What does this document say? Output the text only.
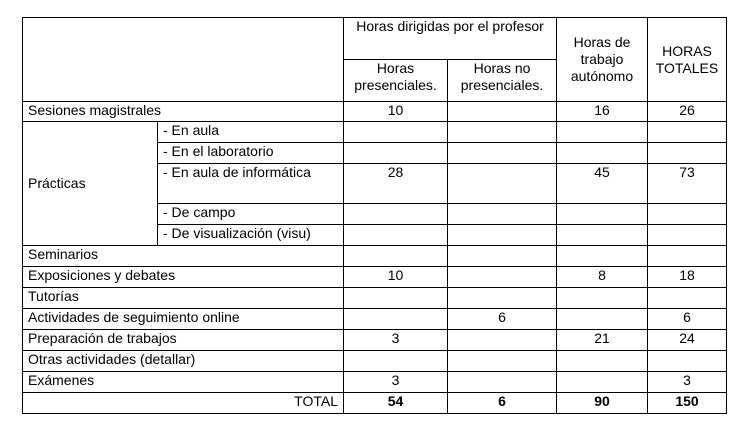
		Horas dirigidas por el profesor		Horas de trabajo autónomo	HORAS TOTALES
		Horas presenciales.	Horas no presenciales.		
Sesiones magistrales		10		16	26
Prácticas	- En aula				
	- En el laboratorio				
	- En aula de informática	28		45	73
	- De campo				
	- De visualización (visu)				
Seminarios					
Exposiciones y debates		10		8	18
Tutorías					
Actividades de seguimiento online			6		6
Preparación de trabajos		3		21	24
Otras actividades (detallar)					
Exámenes		3			3
TOTAL		54	6	90	150
